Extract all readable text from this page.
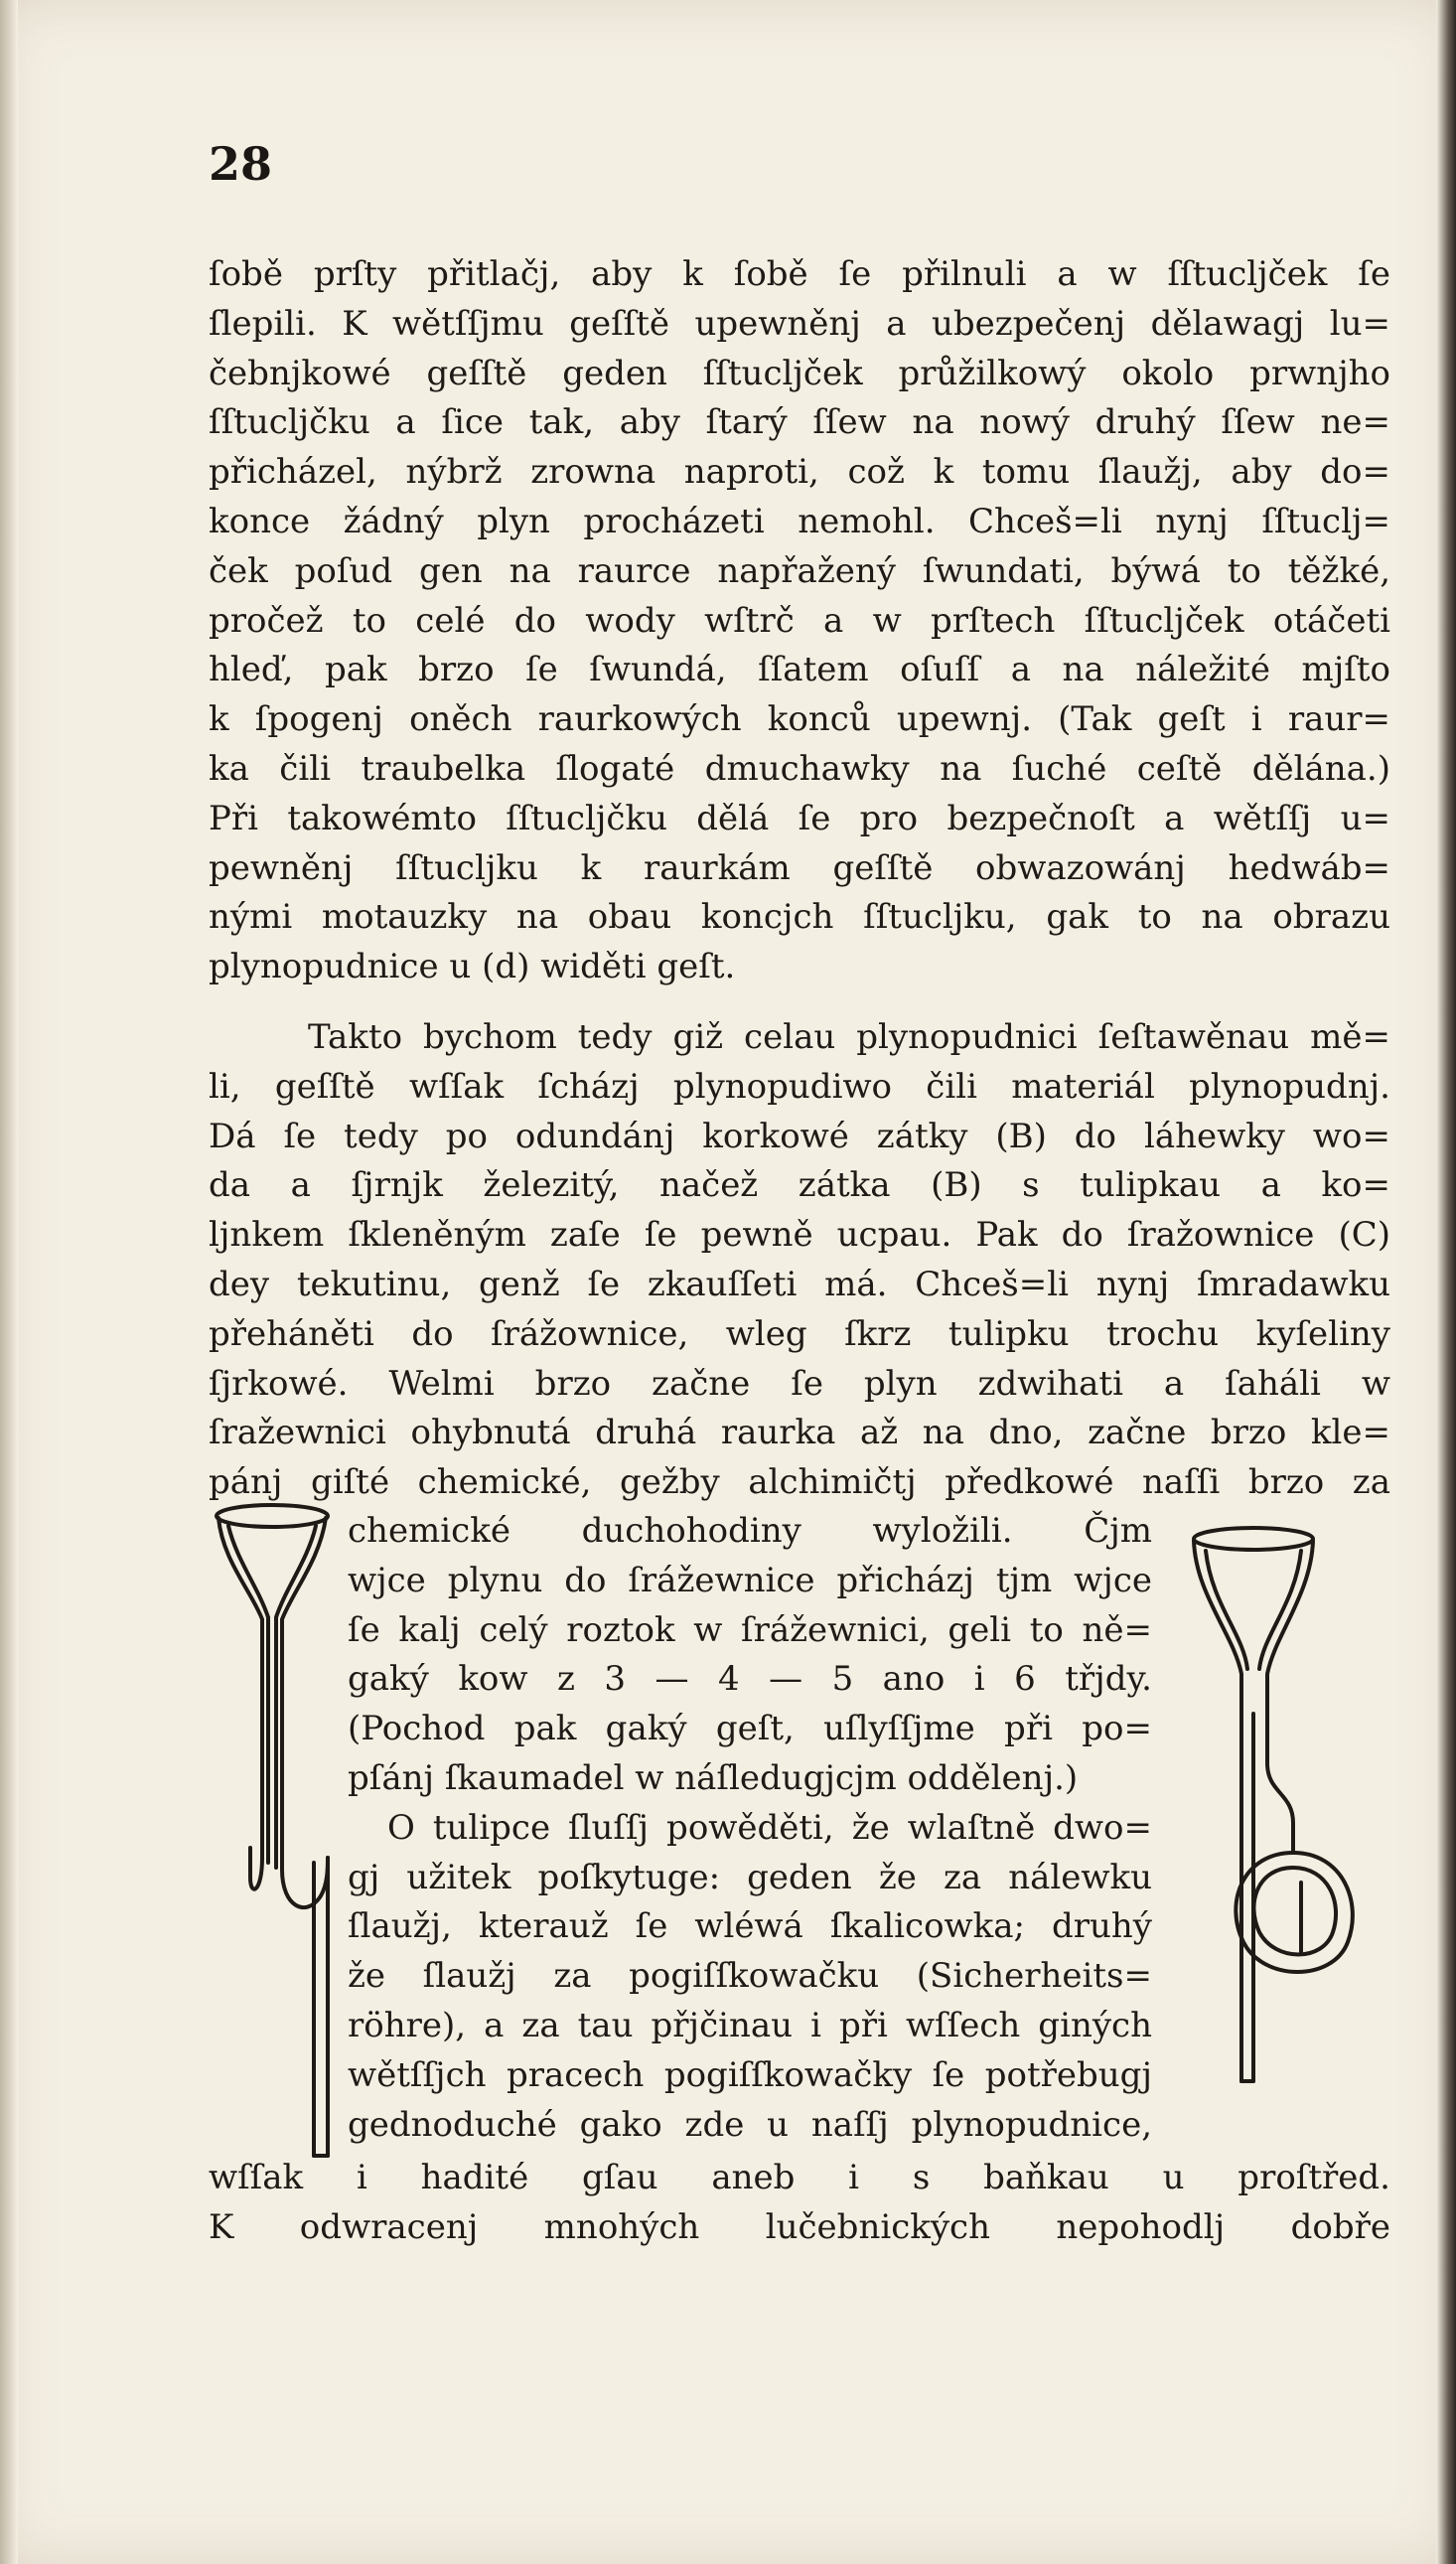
28
ſobě prſty přitlačj, aby k ſobě ſe přilnuli a w ſſtucljček ſe
ſlepili. K wětſſjmu geſſtě upewněnj a ubezpečenj dělawagj lu=
čebnjkowé geſſtě geden ſſtucljček průžilkowý okolo prwnjho
ſſtucljčku a ſice tak, aby ſtarý ſſew na nowý druhý ſſew ne=
přicházel, nýbrž zrowna naproti, což k tomu ſlaužj, aby do=
konce žádný plyn procházeti nemohl. Chceš=li nynj ſſtuclj=
ček poſud gen na raurce napřažený ſwundati, býwá to těžké,
pročež to celé do wody wſtrč a w prſtech ſſtucljček otáčeti
hleď, pak brzo ſe ſwundá, ſſatem oſuſſ a na náležité mjſto
k ſpogenj oněch raurkowých konců upewnj. (Tak geſt i raur=
ka čili traubelka ſlogaté dmuchawky na ſuché ceſtě dělána.)
Při takowémto ſſtucljčku dělá ſe pro bezpečnoſt a wětſſj u=
pewněnj ſſtucljku k raurkám geſſtě obwazowánj hedwáb=
nými motauzky na obau koncjch ſſtucljku, gak to na obrazu
plynopudnice u (d) widěti geſt.
Takto bychom tedy giž celau plynopudnici ſeſtawěnau mě=
li, geſſtě wſſak ſcházj plynopudiwo čili materiál plynopudnj.
Dá ſe tedy po odundánj korkowé zátky (B) do láhewky wo=
da a ſjrnjk železitý, načež zátka (B) s tulipkau a ko=
ljnkem ſkleněným zaſe ſe pewně ucpau. Pak do ſražownice (C)
dey tekutinu, genž ſe zkauſſeti má. Chceš=li nynj ſmradawku
přeháněti do ſrážownice, wleg ſkrz tulipku trochu kyſeliny
ſjrkowé. Welmi brzo začne ſe plyn zdwihati a ſaháli w
ſražewnici ohybnutá druhá raurka až na dno, začne brzo kle=
pánj giſté chemické, gežby alchimičtj předkowé naſſi brzo za
chemické duchohodiny wyložili. Čjm
wjce plynu do ſrážewnice přicházj tjm wjce
ſe kalj celý roztok w ſrážewnici, geli to ně=
gaký kow z 3 — 4 — 5 ano i 6 třjdy.
(Pochod pak gaký geſt, uſlyſſjme při po=
pſánj ſkaumadel w náſledugjcjm oddělenj.)
O tulipce ſluſſj powěděti, že wlaſtně dwo=
gj užitek poſkytuge: geden že za nálewku
ſlaužj, kterauž ſe wléwá ſkalicowka; druhý
že ſlaužj za pogiſſkowačku (Sicherheits=
röhre), a za tau přjčinau i při wſſech giných
wětſſjch pracech pogiſſkowačky ſe potřebugj
gednoduché gako zde u naſſj plynopudnice,
wſſak i hadité gſau aneb i s baňkau u proſtřed.
K odwracenj mnohých lučebnických nepohodlj dobře
